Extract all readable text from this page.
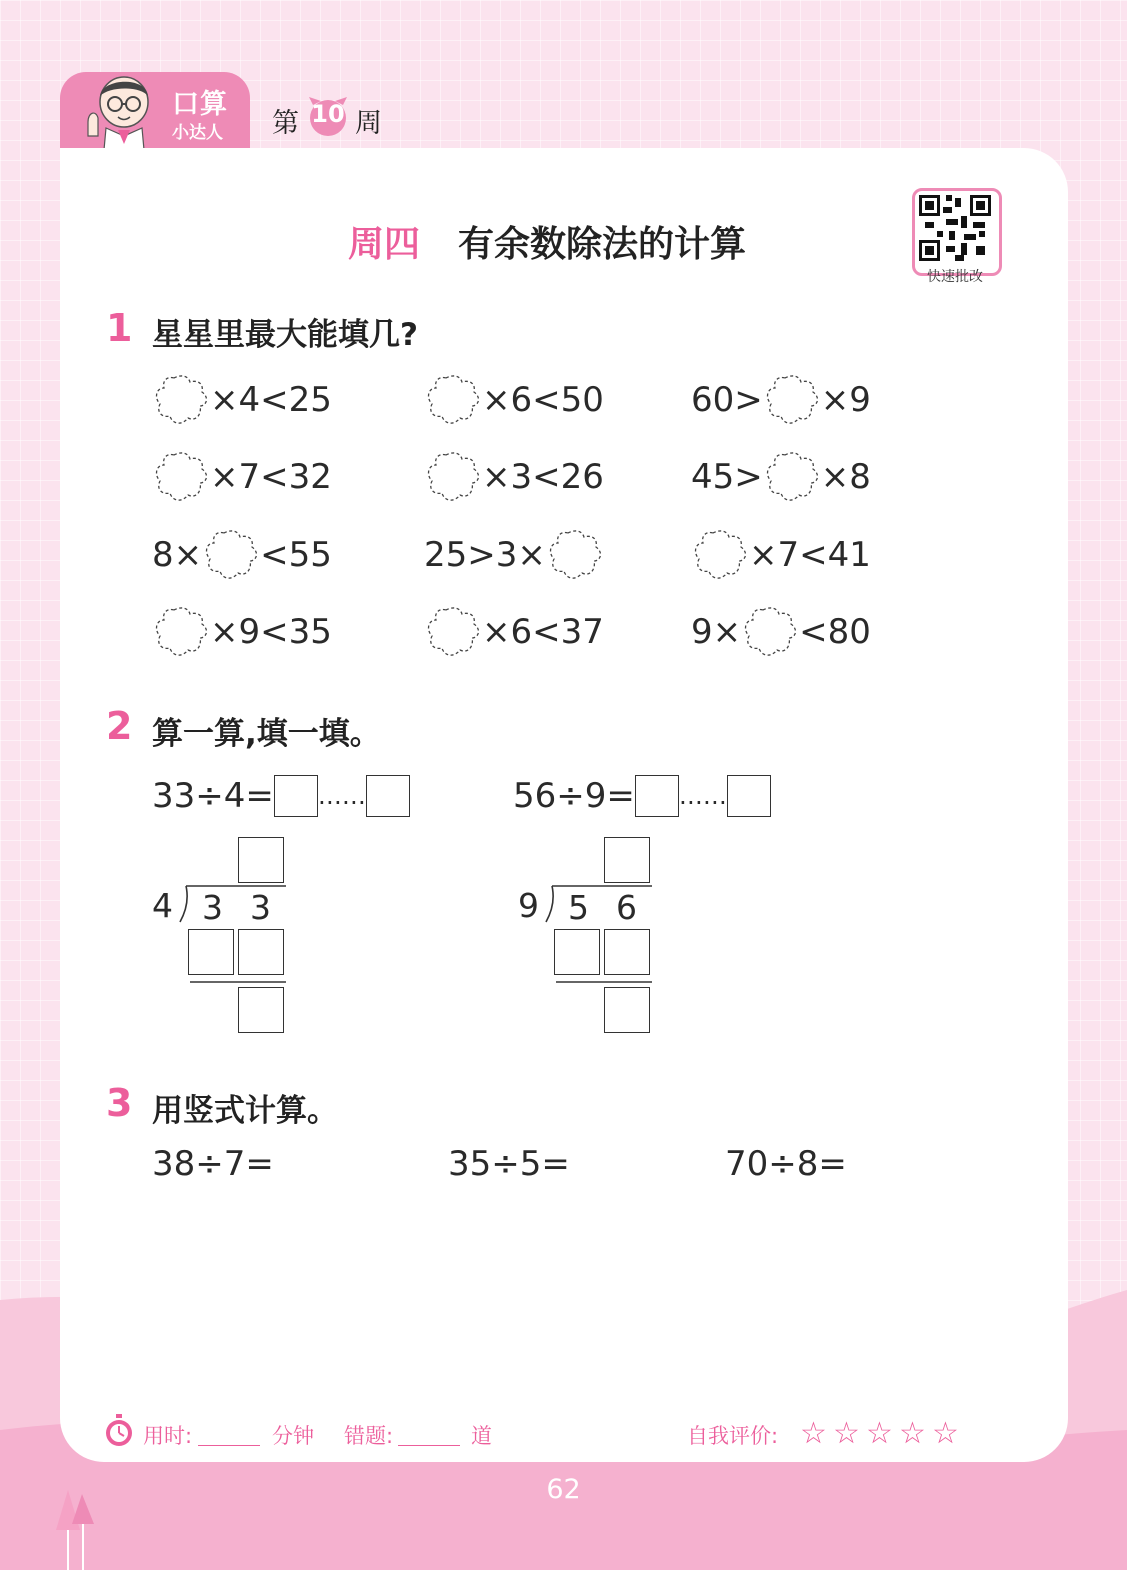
口算
小达人 第 10 周
周四 有余数除法的计算
快速批改
1 星星里最大能填几?
×4<25	×6<50	60> ×9
×7<32	×3<26	45> ×8
8× <55	25>3×	×7<41
×9<35	×6<37	9× <80
2 算一算,填一填。
33÷4= ……
4 3 3
56÷9= ……
9 5 6
3 用竖式计算。
38÷7=	35÷5=	70÷8=
用时:	分钟 错题:	道	自我评价: ☆ ☆ ☆ ☆ ☆
62
